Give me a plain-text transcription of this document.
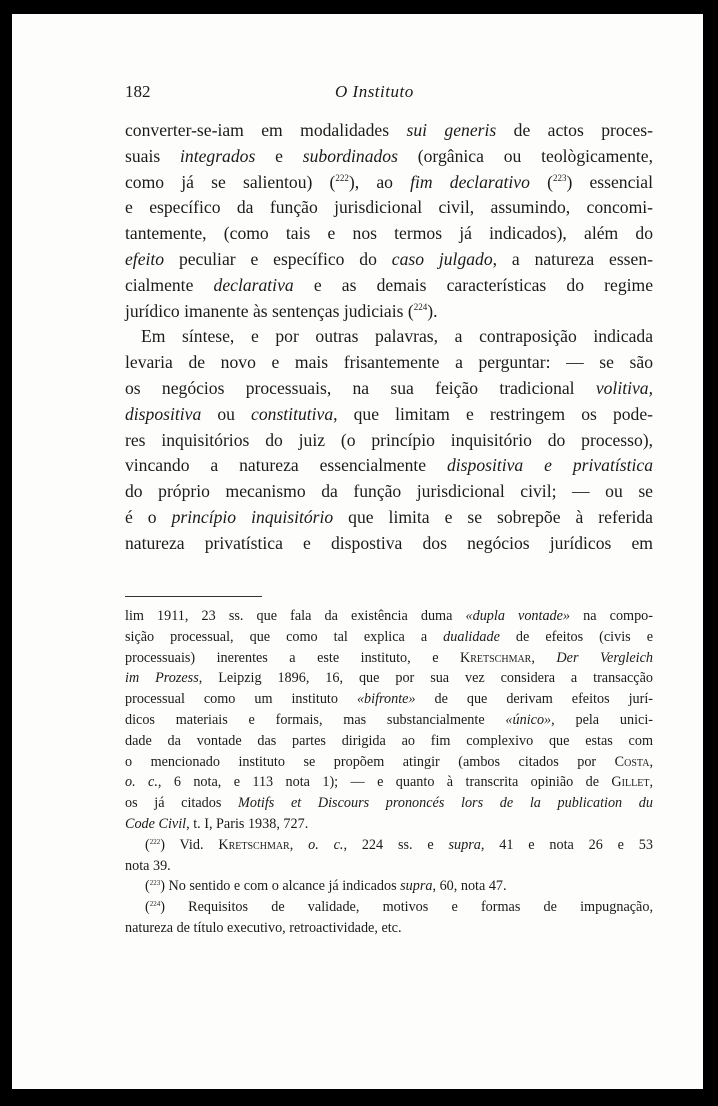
182	O Instituto
converter-se-iam em modalidades sui generis de actos proces-
suais integrados e subordinados (orgânica ou teològicamente,
como já se salientou) ($^{222}$), ao fim declarativo ($^{223}$) essencial
e específico da função jurisdicional civil, assumindo, concomi-
tantemente, (como tais e nos termos já indicados), além do
efeito peculiar e específico do caso julgado, a natureza essen-
cialmente declarativa e as demais características do regime
jurídico imanente às sentenças judiciais ($^{224}$).
Em síntese, e por outras palavras, a contraposição indicada
levaria de novo e mais frisantemente a perguntar: — se são
os negócios processuais, na sua feição tradicional volitiva,
dispositiva ou constitutiva, que limitam e restringem os pode-
res inquisitórios do juiz (o princípio inquisitório do processo),
vincando a natureza essencialmente dispositiva e privatística
do próprio mecanismo da função jurisdicional civil; — ou se
é o princípio inquisitório que limita e se sobrepõe à referida
natureza privatística e dispostiva dos negócios jurídicos em
lim 1911, 23 ss. que fala da existência duma «dupla vontade» na compo-
sição processual, que como tal explica a dualidade de efeitos (civis e
processuais) inerentes a este instituto, e Kretschmar, Der Vergleich
im Prozess, Leipzig 1896, 16, que por sua vez considera a transacção
processual como um instituto «bifronte» de que derivam efeitos jurí-
dicos materiais e formais, mas substancialmente «único», pela unici-
dade da vontade das partes dirigida ao fim complexivo que estas com
o mencionado instituto se propõem atingir (ambos citados por Costa,
o. c., 6 nota, e 113 nota 1); — e quanto à transcrita opinião de Gillet,
os já citados Motifs et Discours prononcés lors de la publication du
Code Civil, t. I, Paris 1938, 727.
($^{222}$) Vid. Kretschmar, o. c., 224 ss. e supra, 41 e nota 26 e 53
nota 39.
($^{223}$) No sentido e com o alcance já indicados supra, 60, nota 47.
($^{224}$) Requisitos de validade, motivos e formas de impugnação,
natureza de título executivo, retroactividade, etc.
